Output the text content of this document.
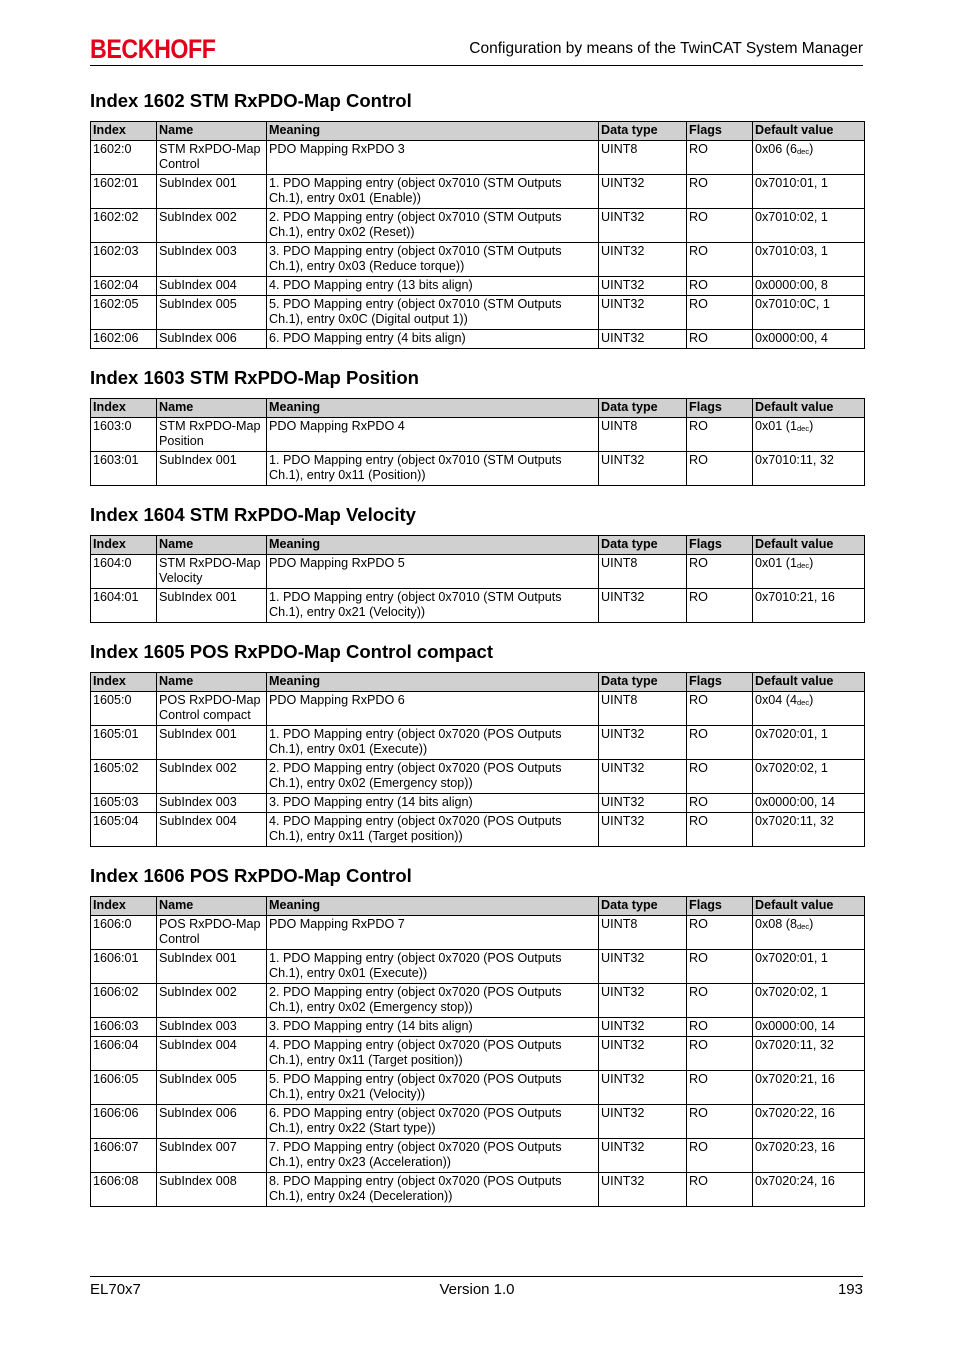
BECKHOFF	Configuration by means of the TwinCAT System Manager
Index 1602 STM RxPDO-Map Control
Index	Name	Meaning	Data type	Flags	Default value
1602:0	STM RxPDO-Map Control	PDO Mapping RxPDO 3	UINT8	RO	0x06 $(6_{dec})$
1602:01	SubIndex 001	1. PDO Mapping entry (object 0x7010 (STM Outputs Ch.1), entry 0x01 (Enable))	UINT32	RO	0x7010:01, 1
1602:02	SubIndex 002	2. PDO Mapping entry (object 0x7010 (STM Outputs Ch.1), entry 0x02 (Reset))	UINT32	RO	0x7010:02, 1
1602:03	SubIndex 003	3. PDO Mapping entry (object 0x7010 (STM Outputs Ch.1), entry 0x03 (Reduce torque))	UINT32	RO	0x7010:03, 1
1602:04	SubIndex 004	4. PDO Mapping entry (13 bits align)	UINT32	RO	0x0000:00, 8
1602:05	SubIndex 005	5. PDO Mapping entry (object 0x7010 (STM Outputs Ch.1), entry 0x0C (Digital output 1))	UINT32	RO	0x7010:0C, 1
1602:06	SubIndex 006	6. PDO Mapping entry (4 bits align)	UINT32	RO	0x0000:00, 4
Index 1603 STM RxPDO-Map Position
Index	Name	Meaning	Data type	Flags	Default value
1603:0	STM RxPDO-Map Position	PDO Mapping RxPDO 4	UINT8	RO	0x01 $(1_{dec})$
1603:01	SubIndex 001	1. PDO Mapping entry (object 0x7010 (STM Outputs Ch.1), entry 0x11 (Position))	UINT32	RO	0x7010:11, 32
Index 1604 STM RxPDO-Map Velocity
Index	Name	Meaning	Data type	Flags	Default value
1604:0	STM RxPDO-Map Velocity	PDO Mapping RxPDO 5	UINT8	RO	0x01 $(1_{dec})$
1604:01	SubIndex 001	1. PDO Mapping entry (object 0x7010 (STM Outputs Ch.1), entry 0x21 (Velocity))	UINT32	RO	0x7010:21, 16
Index 1605 POS RxPDO-Map Control compact
Index	Name	Meaning	Data type	Flags	Default value
1605:0	POS RxPDO-Map Control compact	PDO Mapping RxPDO 6	UINT8	RO	0x04 $(4_{dec})$
1605:01	SubIndex 001	1. PDO Mapping entry (object 0x7020 (POS Outputs Ch.1), entry 0x01 (Execute))	UINT32	RO	0x7020:01, 1
1605:02	SubIndex 002	2. PDO Mapping entry (object 0x7020 (POS Outputs Ch.1), entry 0x02 (Emergency stop))	UINT32	RO	0x7020:02, 1
1605:03	SubIndex 003	3. PDO Mapping entry (14 bits align)	UINT32	RO	0x0000:00, 14
1605:04	SubIndex 004	4. PDO Mapping entry (object 0x7020 (POS Outputs Ch.1), entry 0x11 (Target position))	UINT32	RO	0x7020:11, 32
Index 1606 POS RxPDO-Map Control
Index	Name	Meaning	Data type	Flags	Default value
1606:0	POS RxPDO-Map Control	PDO Mapping RxPDO 7	UINT8	RO	0x08 $(8_{dec})$
1606:01	SubIndex 001	1. PDO Mapping entry (object 0x7020 (POS Outputs Ch.1), entry 0x01 (Execute))	UINT32	RO	0x7020:01, 1
1606:02	SubIndex 002	2. PDO Mapping entry (object 0x7020 (POS Outputs Ch.1), entry 0x02 (Emergency stop))	UINT32	RO	0x7020:02, 1
1606:03	SubIndex 003	3. PDO Mapping entry (14 bits align)	UINT32	RO	0x0000:00, 14
1606:04	SubIndex 004	4. PDO Mapping entry (object 0x7020 (POS Outputs Ch.1), entry 0x11 (Target position))	UINT32	RO	0x7020:11, 32
1606:05	SubIndex 005	5. PDO Mapping entry (object 0x7020 (POS Outputs Ch.1), entry 0x21 (Velocity))	UINT32	RO	0x7020:21, 16
1606:06	SubIndex 006	6. PDO Mapping entry (object 0x7020 (POS Outputs Ch.1), entry 0x22 (Start type))	UINT32	RO	0x7020:22, 16
1606:07	SubIndex 007	7. PDO Mapping entry (object 0x7020 (POS Outputs Ch.1), entry 0x23 (Acceleration))	UINT32	RO	0x7020:23, 16
1606:08	SubIndex 008	8. PDO Mapping entry (object 0x7020 (POS Outputs Ch.1), entry 0x24 (Deceleration))	UINT32	RO	0x7020:24, 16
EL70x7	Version 1.0	193
